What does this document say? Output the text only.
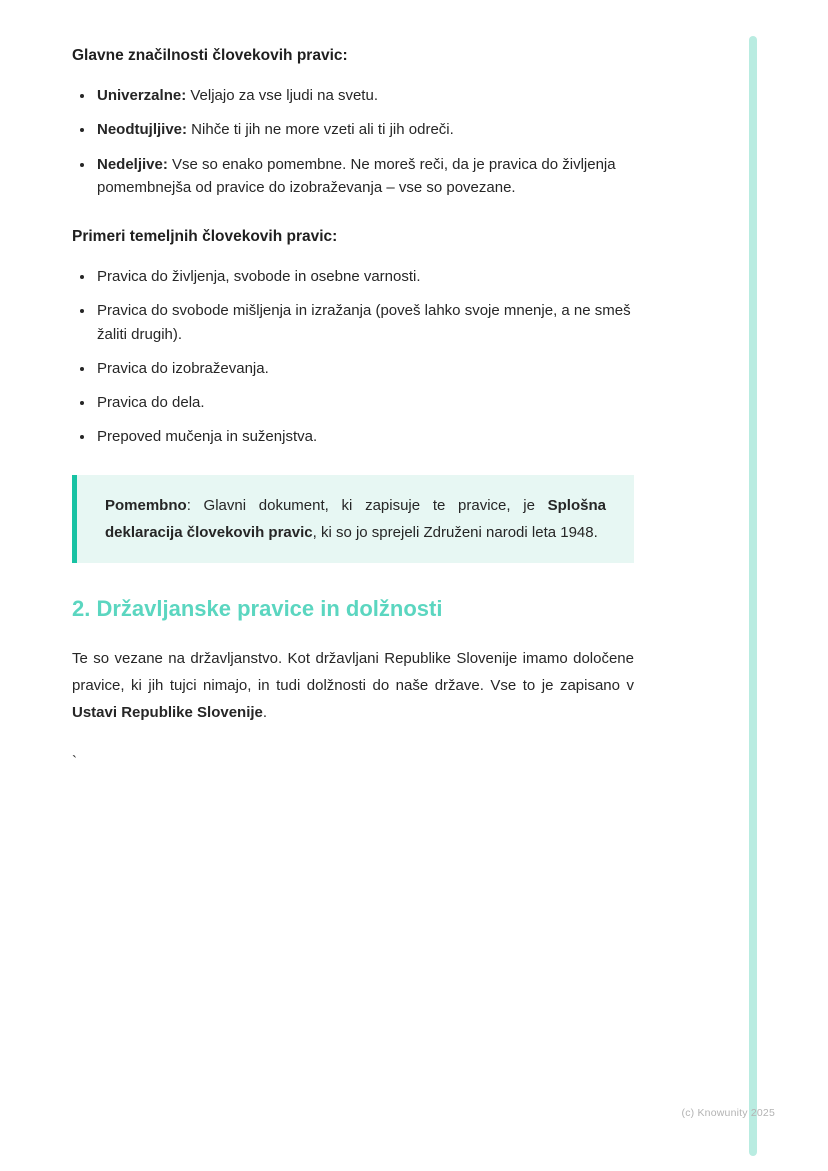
Glavne značilnosti človekovih pravic:
• Univerzalne: Veljajo za vse ljudi na svetu.
• Neodtujljive: Nihče ti jih ne more vzeti ali ti jih odreči.
• Nedeljive: Vse so enako pomembne. Ne moreš reči, da je pravica do življenja pomembnejša od pravice do izobraževanja – vse so povezane.
Primeri temeljnih človekovih pravic:
• Pravica do življenja, svobode in osebne varnosti.
• Pravica do svobode mišljenja in izražanja (poveš lahko svoje mnenje, a ne smeš žaliti drugih).
• Pravica do izobraževanja.
• Pravica do dela.
• Prepoved mučenja in suženjstva.
Pomembno: Glavni dokument, ki zapisuje te pravice, je Splošna deklaracija človekovih pravic, ki so jo sprejeli Združeni narodi leta 1948.
2. Državljanske pravice in dolžnosti

Te so vezane na državljanstvo. Kot državljani Republike Slovenije imamo določene pravice, ki jih tujci nimajo, in tudi dolžnosti do naše države. Vse to je zapisano v Ustavi Republike Slovenije.

`
(c) Knowunity 2025
